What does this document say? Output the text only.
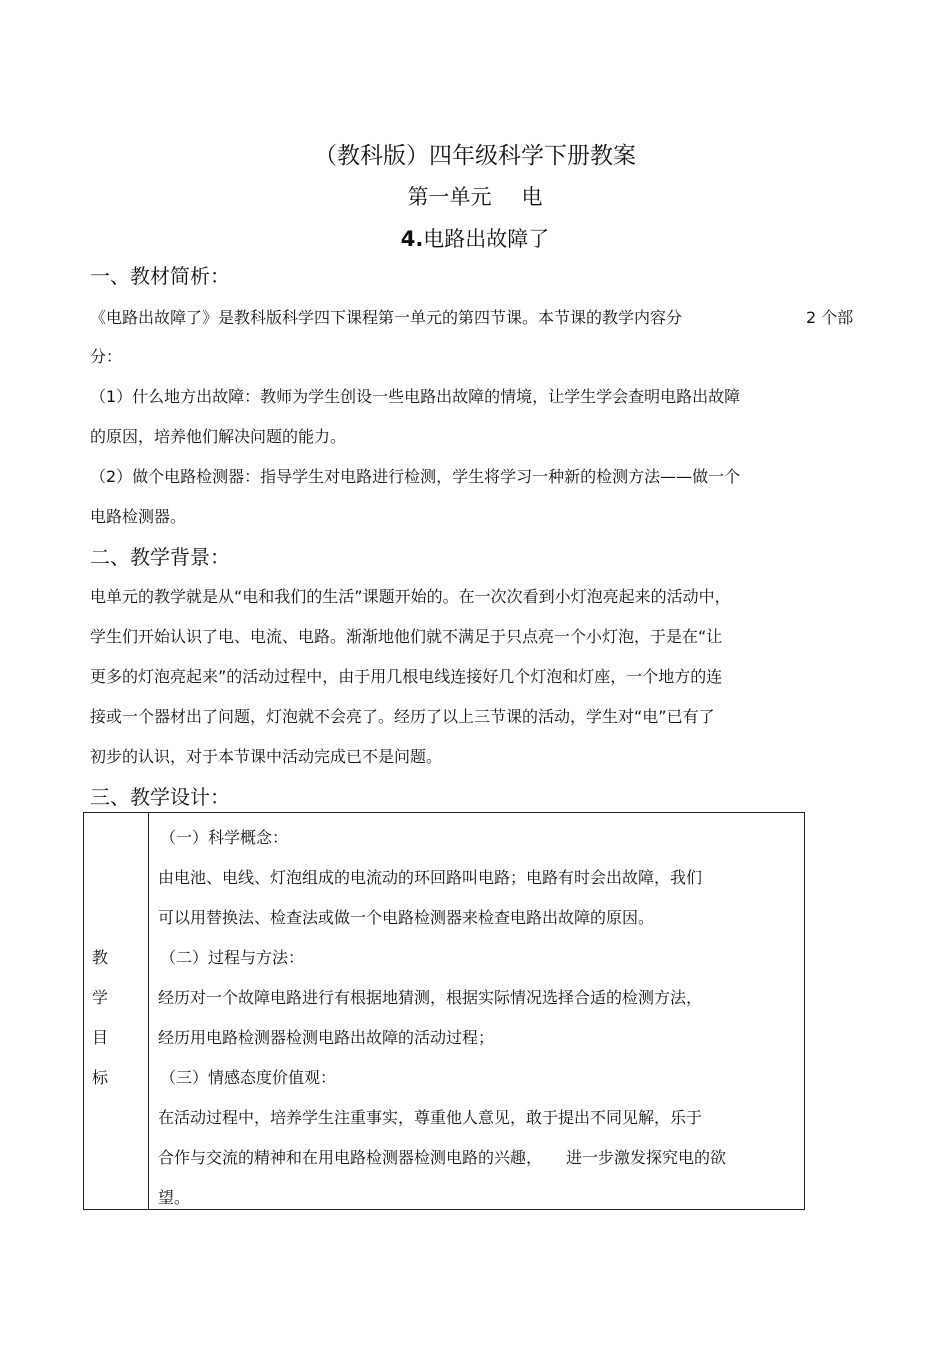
（教科版）四年级科学下册教案
第一单元 电
4.电路出故障了
一、教材简析：
《电路出故障了》是教科版科学四下课程第一单元的第四节课。本节课的教学内容分	2 个部
分：
（1）什么地方出故障：教师为学生创设一些电路出故障的情境，让学生学会查明电路出故障
的原因，培养他们解决问题的能力。
（2）做个电路检测器：指导学生对电路进行检测，学生将学习一种新的检测方法——做一个
电路检测器。
二、教学背景：
电单元的教学就是从“电和我们的生活”课题开始的。在一次次看到小灯泡亮起来的活动中，
学生们开始认识了电、电流、电路。渐渐地他们就不满足于只点亮一个小灯泡，于是在“让
更多的灯泡亮起来”的活动过程中，由于用几根电线连接好几个灯泡和灯座，一个地方的连
接或一个器材出了问题，灯泡就不会亮了。经历了以上三节课的活动，学生对“电”已有了
初步的认识，对于本节课中活动完成已不是问题。
三、教学设计：
教
学
目
标
（一）科学概念：
由电池、电线、灯泡组成的电流动的环回路叫电路；电路有时会出故障，我们
可以用替换法、检查法或做一个电路检测器来检查电路出故障的原因。
（二）过程与方法：
经历对一个故障电路进行有根据地猜测，根据实际情况选择合适的检测方法，
经历用电路检测器检测电路出故障的活动过程；
（三）情感态度价值观：
在活动过程中，培养学生注重事实，尊重他人意见，敢于提出不同见解，乐于
合作与交流的精神和在用电路检测器检测电路的兴趣，　　进一步激发探究电的欲
望。
